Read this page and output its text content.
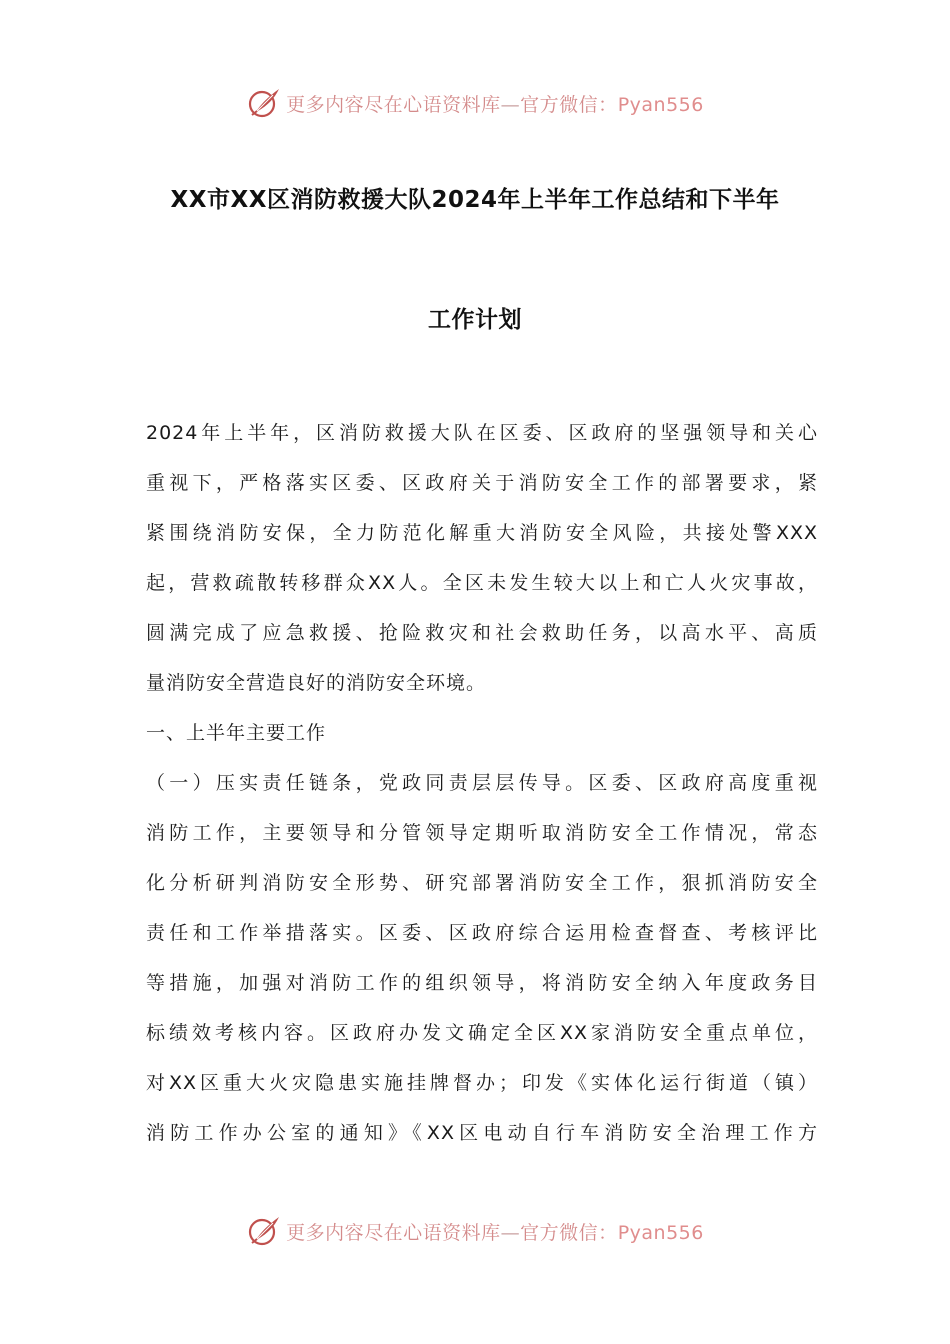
更多内容尽在心语资料库—官方微信：Pyan556
XX市XX区消防救援大队2024年上半年工作总结和下半年
工作计划
2024年上半年，区消防救援大队在区委、区政府的坚强领导和关心
重视下，严格落实区委、区政府关于消防安全工作的部署要求，紧
紧围绕消防安保，全力防范化解重大消防安全风险，共接处警XXX
起，营救疏散转移群众XX人。全区未发生较大以上和亡人火灾事故，
圆满完成了应急救援、抢险救灾和社会救助任务，以高水平、高质
量消防安全营造良好的消防安全环境。
一、上半年主要工作
（一）压实责任链条，党政同责层层传导。区委、区政府高度重视
消防工作，主要领导和分管领导定期听取消防安全工作情况，常态
化分析研判消防安全形势、研究部署消防安全工作，狠抓消防安全
责任和工作举措落实。区委、区政府综合运用检查督查、考核评比
等措施，加强对消防工作的组织领导，将消防安全纳入年度政务目
标绩效考核内容。区政府办发文确定全区XX家消防安全重点单位，
对XX区重大火灾隐患实施挂牌督办；印发《实体化运行街道（镇）
消防工作办公室的通知》《XX区电动自行车消防安全治理工作方
更多内容尽在心语资料库—官方微信：Pyan556
